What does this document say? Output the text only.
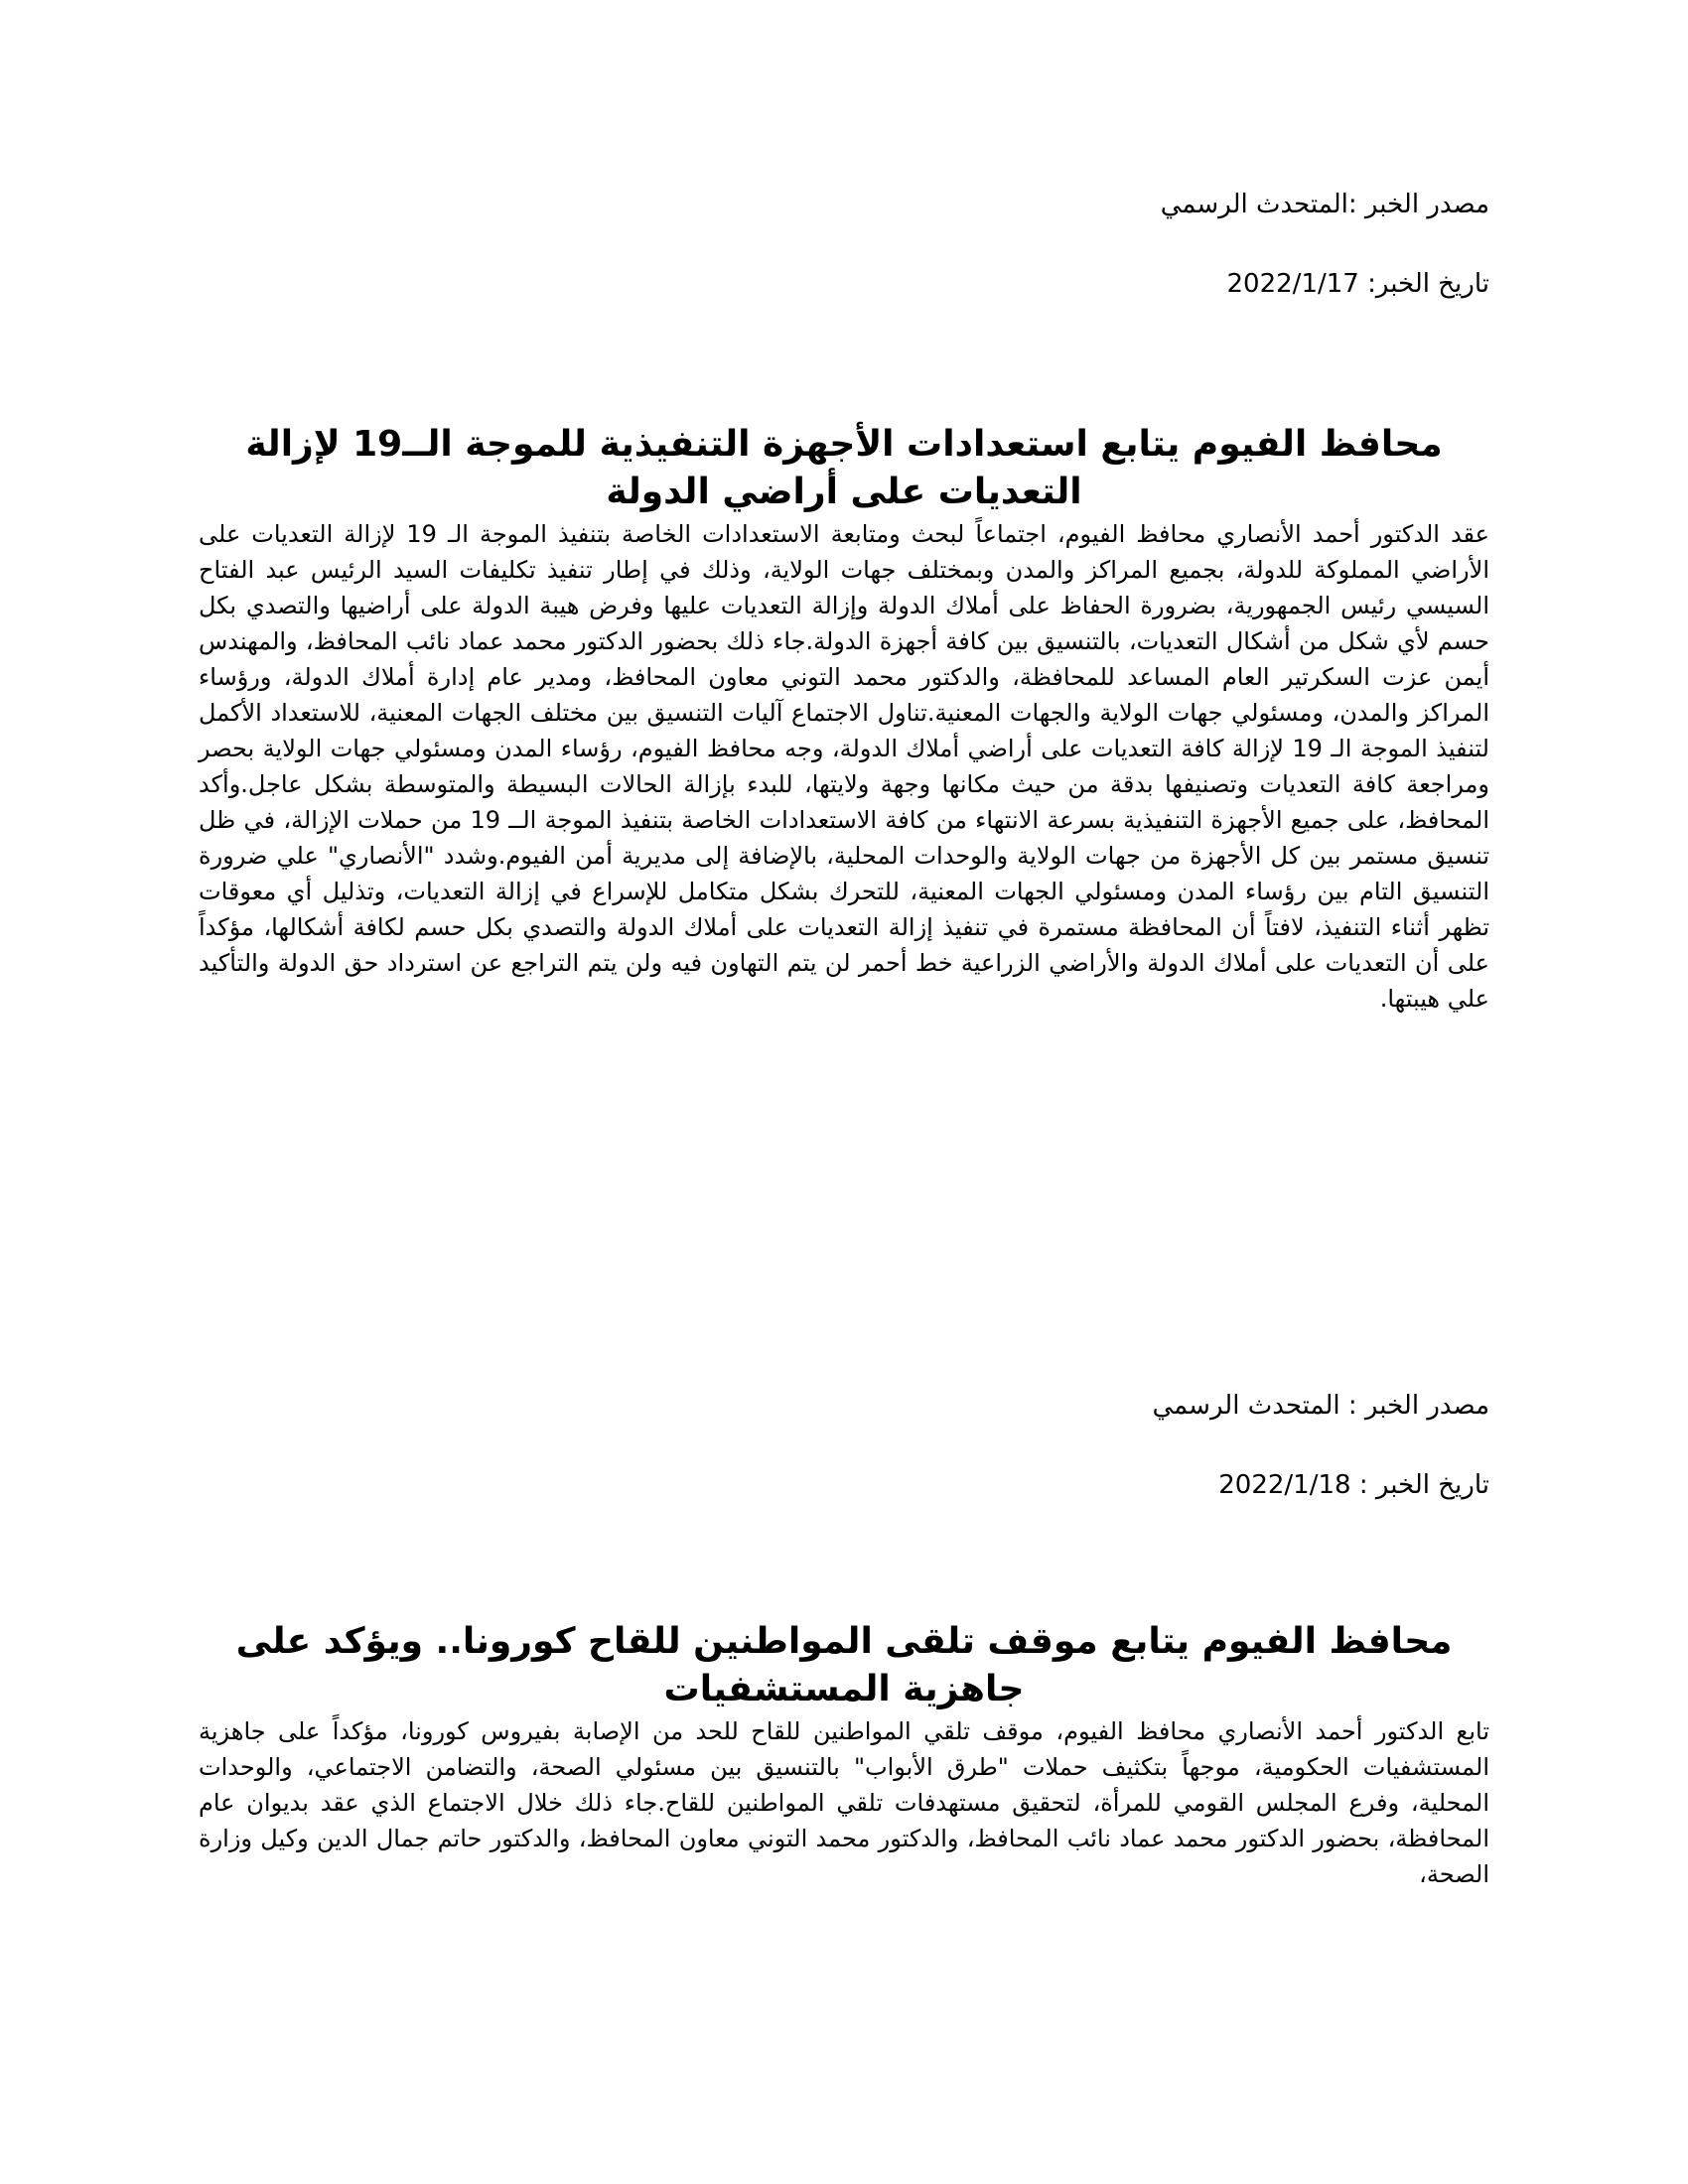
مصدر الخبر :المتحدث الرسمي

تاريخ الخبر: 2022/1/17

محافظ الفيوم يتابع استعدادات الأجهزة التنفيذية للموجة الــ19 لإزالة التعديات على أراضي الدولة

عقد الدكتور أحمد الأنصاري محافظ الفيوم، اجتماعاً لبحث ومتابعة الاستعدادات الخاصة بتنفيذ الموجة الـ 19 لإزالة التعديات على الأراضي المملوكة للدولة، بجميع المراكز والمدن وبمختلف جهات الولاية، وذلك في إطار تنفيذ تكليفات السيد الرئيس عبد الفتاح السيسي رئيس الجمهورية، بضرورة الحفاظ على أملاك الدولة وإزالة التعديات عليها وفرض هيبة الدولة على أراضيها والتصدي بكل حسم لأي شكل من أشكال التعديات، بالتنسيق بين كافة أجهزة الدولة.جاء ذلك بحضور الدكتور محمد عماد نائب المحافظ، والمهندس أيمن عزت السكرتير العام المساعد للمحافظة، والدكتور محمد التوني معاون المحافظ، ومدير عام إدارة أملاك الدولة، ورؤساء المراكز والمدن، ومسئولي جهات الولاية والجهات المعنية.تناول الاجتماع آليات التنسيق بين مختلف الجهات المعنية، للاستعداد الأكمل لتنفيذ الموجة الـ 19 لإزالة كافة التعديات على أراضي أملاك الدولة، وجه محافظ الفيوم، رؤساء المدن ومسئولي جهات الولاية بحصر ومراجعة كافة التعديات وتصنيفها بدقة من حيث مكانها وجهة ولايتها، للبدء بإزالة الحالات البسيطة والمتوسطة بشكل عاجل.وأكد المحافظ، على جميع الأجهزة التنفيذية بسرعة الانتهاء من كافة الاستعدادات الخاصة بتنفيذ الموجة الــ 19 من حملات الإزالة، في ظل تنسيق مستمر بين كل الأجهزة من جهات الولاية والوحدات المحلية، بالإضافة إلى مديرية أمن الفيوم.وشدد "الأنصاري" علي ضرورة التنسيق التام بين رؤساء المدن ومسئولي الجهات المعنية، للتحرك بشكل متكامل للإسراع في إزالة التعديات، وتذليل أي معوقات تظهر أثناء التنفيذ، لافتاً أن المحافظة مستمرة في تنفيذ إزالة التعديات على أملاك الدولة والتصدي بكل حسم لكافة أشكالها، مؤكداً على أن التعديات على أملاك الدولة والأراضي الزراعية خط أحمر لن يتم التهاون فيه ولن يتم التراجع عن استرداد حق الدولة والتأكيد علي هيبتها.

مصدر الخبر : المتحدث الرسمي

تاريخ الخبر : 2022/1/18

محافظ الفيوم يتابع موقف تلقى المواطنين للقاح كورونا.. ويؤكد على جاهزية المستشفيات

تابع الدكتور أحمد الأنصاري محافظ الفيوم، موقف تلقي المواطنين للقاح للحد من الإصابة بفيروس كورونا، مؤكداً على جاهزية المستشفيات الحكومية، موجهاً بتكثيف حملات "طرق الأبواب" بالتنسيق بين مسئولي الصحة، والتضامن الاجتماعي، والوحدات المحلية، وفرع المجلس القومي للمرأة، لتحقيق مستهدفات تلقي المواطنين للقاح.جاء ذلك خلال الاجتماع الذي عقد بديوان عام المحافظة، بحضور الدكتور محمد عماد نائب المحافظ، والدكتور محمد التوني معاون المحافظ، والدكتور حاتم جمال الدين وكيل وزارة الصحة،
